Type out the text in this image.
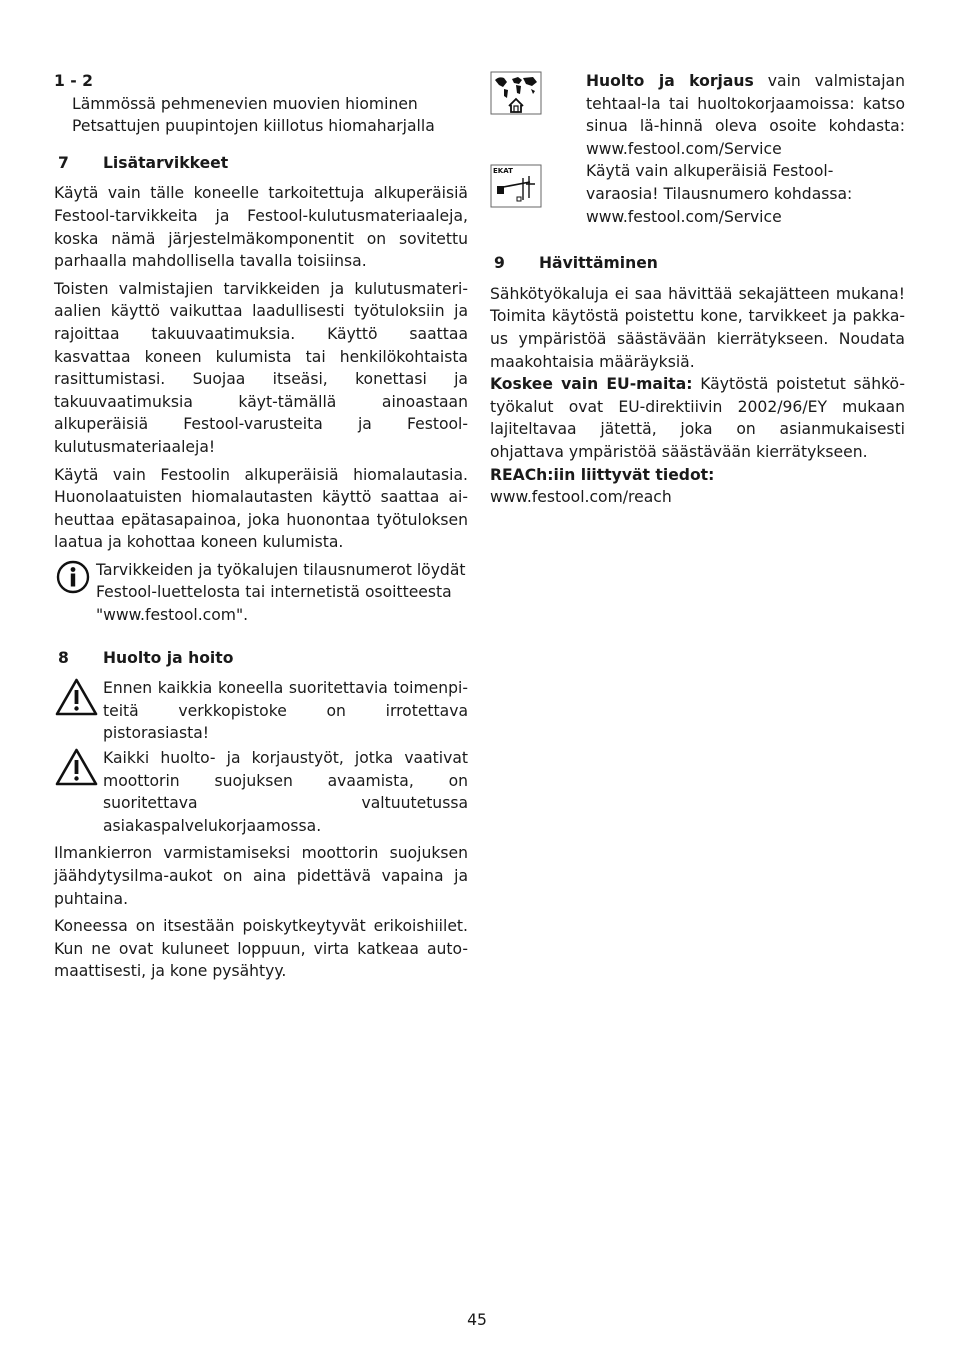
1 - 2

Lämmössä pehmenevien muovien hiominen

Petsattujen puupintojen kiillotus hiomaharjalla

7	Lisätarvikkeet

Käytä vain tälle koneelle tarkoitettuja alkuperäisiä Festool-tarvikkeita ja Festool-kulutusmateriaaleja, koska nämä järjestelmäkomponentit on sovitettu parhaalla mahdollisella tavalla toisiinsa.

Toisten valmistajien tarvikkeiden ja kulutusmateri-aalien käyttö vaikuttaa laadullisesti työtuloksiin ja rajoittaa takuuvaatimuksia. Käyttö saattaa kasvattaa koneen kulumista tai henkilökohtaista rasittumistasi. Suojaa itseäsi, konettasi ja takuuvaatimuksia käyt-tämällä ainoastaan alkuperäisiä Festool-varusteita ja Festool-kulutusmateriaaleja!

Käytä vain Festoolin alkuperäisiä hiomalautasia. Huonolaatuisten hiomalautasten käyttö saattaa ai-heuttaa epätasapainoa, joka huonontaa työtuloksen laatua ja kohottaa koneen kulumista.

Tarvikkeiden ja työkalujen tilausnumerot löydät Festool-luettelosta tai internetistä osoitteesta "www.festool.com".

8	Huolto ja hoito

Ennen kaikkia koneella suoritettavia toimenpi-teitä verkkopistoke on irrotettava pistorasiasta!

Kaikki huolto- ja korjaustyöt, jotka vaativat moottorin suojuksen avaamista, on suoritettava valtuutetussa asiakaspalvelukorjaamossa.

Ilmankierron varmistamiseksi moottorin suojuksen jäähdytysilma-aukot on aina pidettävä vapaina ja puhtaina.

Koneessa on itsestään poiskytkeytyvät erikoishiilet. Kun ne ovat kuluneet loppuun, virta katkeaa auto-maattisesti, ja kone pysähtyy.

Huolto ja korjaus vain valmistajan tehtaal-la tai huoltokorjaamoissa: katso sinua lä-hinnä oleva osoite kohdasta: www.festool.com/Service

EKAT	Käytä vain alkuperäisiä Festool- varaosia! Tilausnumero kohdassa: www.festool.com/Service

9	Hävittäminen

Sähkötyökaluja ei saa hävittää sekajätteen mukana! Toimita käytöstä poistettu kone, tarvikkeet ja pakka-us ympäristöä säästävään kierrätykseen. Noudata maakohtaisia määräyksiä.

Koskee vain EU-maita: Käytöstä poistetut sähkö-työkalut ovat EU-direktiivin 2002/96/EY mukaan lajiteltavaa jätettä, joka on asianmukaisesti ohjattava ympäristöä säästävään kierrätykseen.

REACh:iin liittyvät tiedot:

www.festool.com/reach

45
